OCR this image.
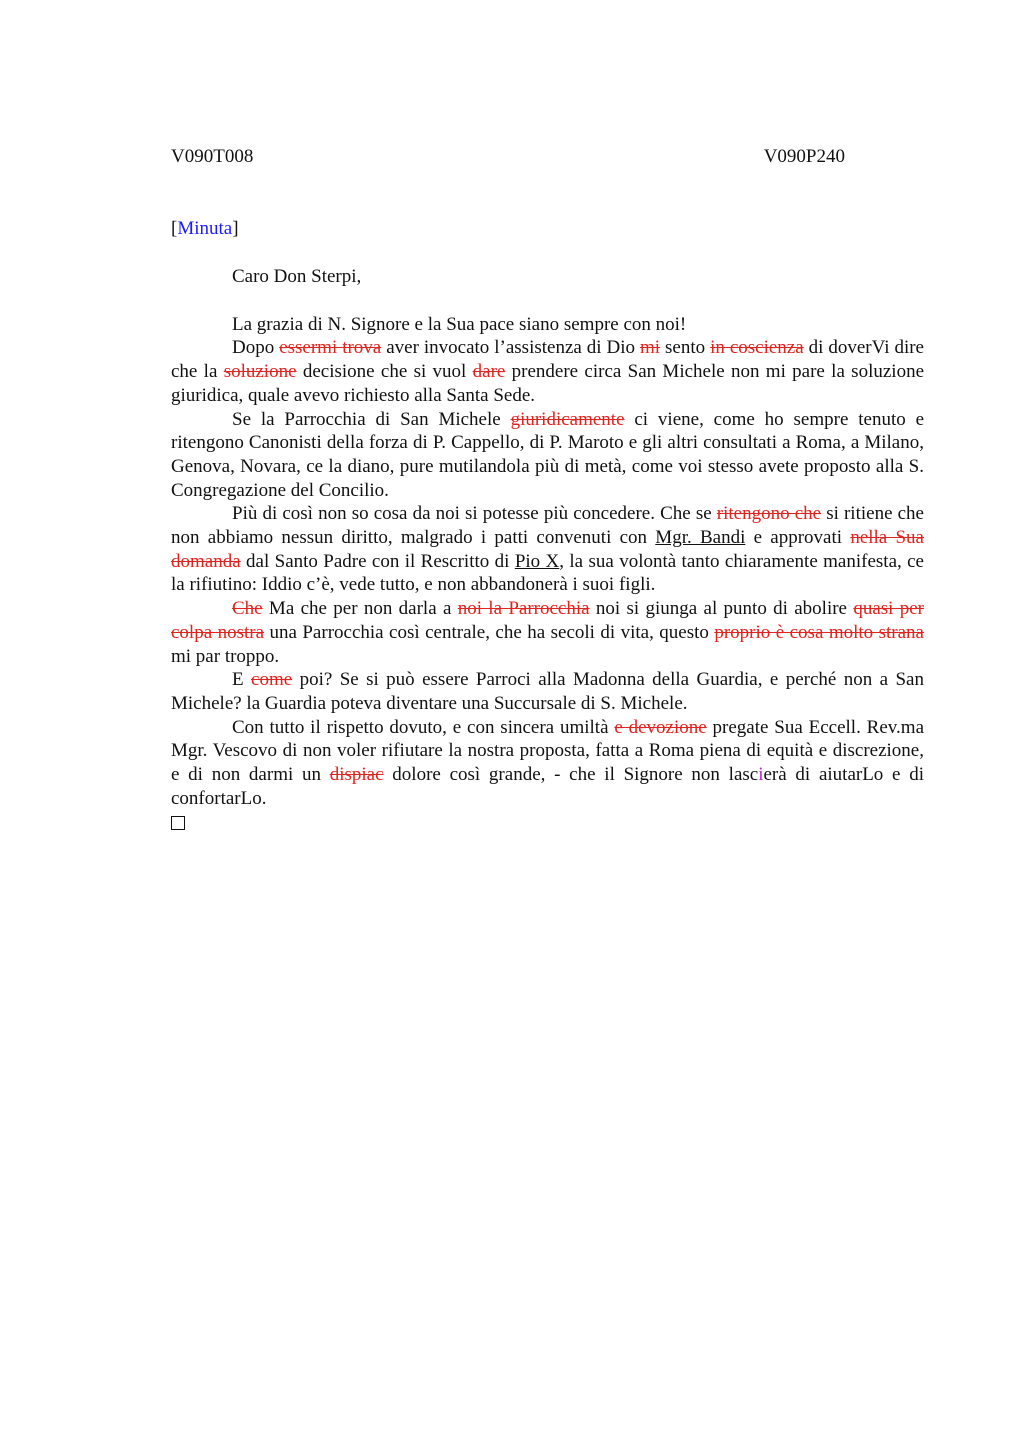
V090T008	V090P240
[Minuta]

Caro Don Sterpi,

La grazia di N. Signore e la Sua pace siano sempre con noi!

Dopo essermi trova aver invocato l’assistenza di Dio mi sento in coscienza di doverVi dire che la soluzione decisione che si vuol dare prendere circa San Michele non mi pare la soluzione giuridica, quale avevo richiesto alla Santa Sede.

Se la Parrocchia di San Michele giuridicamente ci viene, come ho sempre tenuto e ritengono Canonisti della forza di P. Cappello, di P. Maroto e gli altri consultati a Roma, a Milano, Genova, Novara, ce la diano, pure mutilandola più di metà, come voi stesso avete proposto alla S. Congregazione del Concilio.

Più di così non so cosa da noi si potesse più concedere. Che se ritengono che si ritiene che non abbiamo nessun diritto, malgrado i patti convenuti con Mgr. Bandi e approvati nella Sua domanda dal Santo Padre con il Rescritto di Pio X, la sua volontà tanto chiaramente manifesta, ce la rifiutino: Iddio c’è, vede tutto, e non abbandonerà i suoi figli.

Che Ma che per non darla a noi la Parrocchia noi si giunga al punto di abolire quasi per colpa nostra una Parrocchia così centrale, che ha secoli di vita, questo proprio è cosa molto strana mi par troppo.

E come poi? Se si può essere Parroci alla Madonna della Guardia, e perché non a San Michele? la Guardia poteva diventare una Succursale di S. Michele.

Con tutto il rispetto dovuto, e con sincera umiltà e devozione pregate Sua Eccell. Rev.ma Mgr. Vescovo di non voler rifiutare la nostra proposta, fatta a Roma piena di equità e discrezione, e di non darmi un dispiac dolore così grande, - che il Signore non lascierà di aiutarLo e di confortarLo.
